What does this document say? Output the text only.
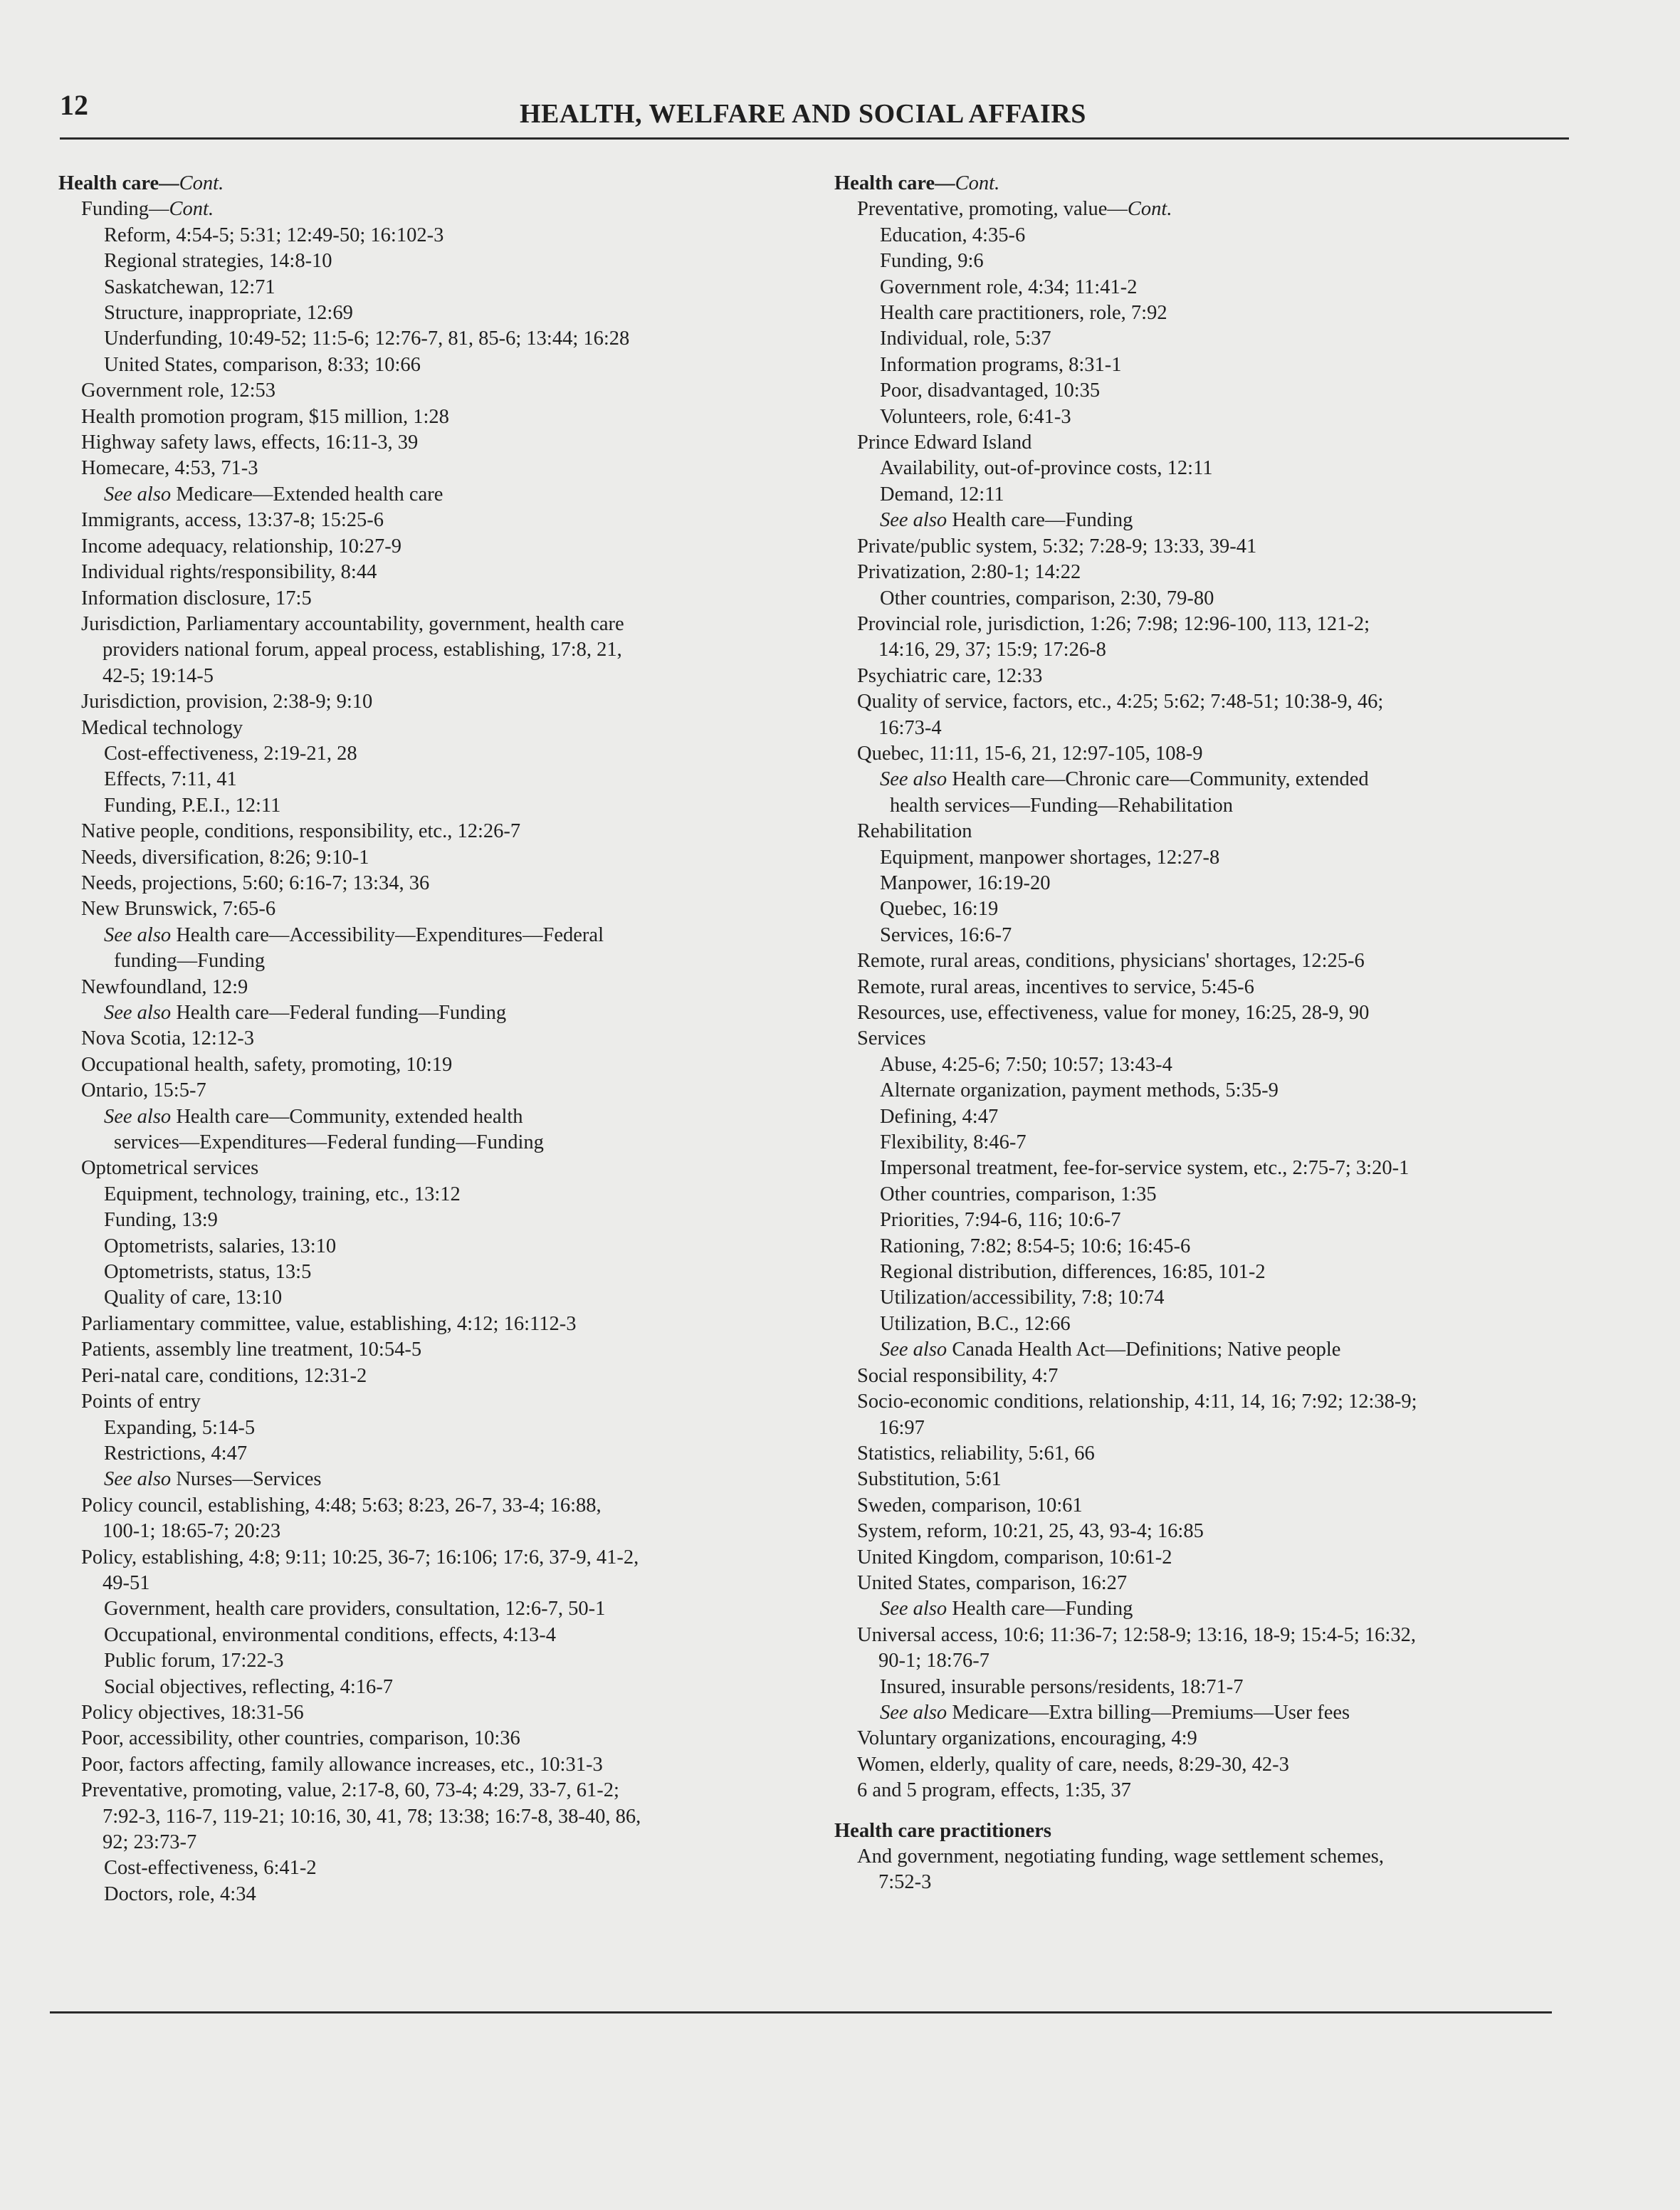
12	HEALTH, WELFARE AND SOCIAL AFFAIRS
Health care—Cont.
Funding—Cont.
Reform, 4:54-5; 5:31; 12:49-50; 16:102-3
Regional strategies, 14:8-10
Saskatchewan, 12:71
Structure, inappropriate, 12:69
Underfunding, 10:49-52; 11:5-6; 12:76-7, 81, 85-6; 13:44; 16:28
United States, comparison, 8:33; 10:66
Government role, 12:53
Health promotion program, $15 million, 1:28
Highway safety laws, effects, 16:11-3, 39
Homecare, 4:53, 71-3
See also Medicare—Extended health care
Immigrants, access, 13:37-8; 15:25-6
Income adequacy, relationship, 10:27-9
Individual rights/responsibility, 8:44
Information disclosure, 17:5
Jurisdiction, Parliamentary accountability, government, health care
providers national forum, appeal process, establishing, 17:8, 21,
42-5; 19:14-5
Jurisdiction, provision, 2:38-9; 9:10
Medical technology
Cost-effectiveness, 2:19-21, 28
Effects, 7:11, 41
Funding, P.E.I., 12:11
Native people, conditions, responsibility, etc., 12:26-7
Needs, diversification, 8:26; 9:10-1
Needs, projections, 5:60; 6:16-7; 13:34, 36
New Brunswick, 7:65-6
See also Health care—Accessibility—Expenditures—Federal
funding—Funding
Newfoundland, 12:9
See also Health care—Federal funding—Funding
Nova Scotia, 12:12-3
Occupational health, safety, promoting, 10:19
Ontario, 15:5-7
See also Health care—Community, extended health
services—Expenditures—Federal funding—Funding
Optometrical services
Equipment, technology, training, etc., 13:12
Funding, 13:9
Optometrists, salaries, 13:10
Optometrists, status, 13:5
Quality of care, 13:10
Parliamentary committee, value, establishing, 4:12; 16:112-3
Patients, assembly line treatment, 10:54-5
Peri-natal care, conditions, 12:31-2
Points of entry
Expanding, 5:14-5
Restrictions, 4:47
See also Nurses—Services
Policy council, establishing, 4:48; 5:63; 8:23, 26-7, 33-4; 16:88,
100-1; 18:65-7; 20:23
Policy, establishing, 4:8; 9:11; 10:25, 36-7; 16:106; 17:6, 37-9, 41-2,
49-51
Government, health care providers, consultation, 12:6-7, 50-1
Occupational, environmental conditions, effects, 4:13-4
Public forum, 17:22-3
Social objectives, reflecting, 4:16-7
Policy objectives, 18:31-56
Poor, accessibility, other countries, comparison, 10:36
Poor, factors affecting, family allowance increases, etc., 10:31-3
Preventative, promoting, value, 2:17-8, 60, 73-4; 4:29, 33-7, 61-2;
7:92-3, 116-7, 119-21; 10:16, 30, 41, 78; 13:38; 16:7-8, 38-40, 86,
92; 23:73-7
Cost-effectiveness, 6:41-2
Doctors, role, 4:34
Health care—Cont.
Preventative, promoting, value—Cont.
Education, 4:35-6
Funding, 9:6
Government role, 4:34; 11:41-2
Health care practitioners, role, 7:92
Individual, role, 5:37
Information programs, 8:31-1
Poor, disadvantaged, 10:35
Volunteers, role, 6:41-3
Prince Edward Island
Availability, out-of-province costs, 12:11
Demand, 12:11
See also Health care—Funding
Private/public system, 5:32; 7:28-9; 13:33, 39-41
Privatization, 2:80-1; 14:22
Other countries, comparison, 2:30, 79-80
Provincial role, jurisdiction, 1:26; 7:98; 12:96-100, 113, 121-2;
14:16, 29, 37; 15:9; 17:26-8
Psychiatric care, 12:33
Quality of service, factors, etc., 4:25; 5:62; 7:48-51; 10:38-9, 46;
16:73-4
Quebec, 11:11, 15-6, 21, 12:97-105, 108-9
See also Health care—Chronic care—Community, extended
health services—Funding—Rehabilitation
Rehabilitation
Equipment, manpower shortages, 12:27-8
Manpower, 16:19-20
Quebec, 16:19
Services, 16:6-7
Remote, rural areas, conditions, physicians' shortages, 12:25-6
Remote, rural areas, incentives to service, 5:45-6
Resources, use, effectiveness, value for money, 16:25, 28-9, 90
Services
Abuse, 4:25-6; 7:50; 10:57; 13:43-4
Alternate organization, payment methods, 5:35-9
Defining, 4:47
Flexibility, 8:46-7
Impersonal treatment, fee-for-service system, etc., 2:75-7; 3:20-1
Other countries, comparison, 1:35
Priorities, 7:94-6, 116; 10:6-7
Rationing, 7:82; 8:54-5; 10:6; 16:45-6
Regional distribution, differences, 16:85, 101-2
Utilization/accessibility, 7:8; 10:74
Utilization, B.C., 12:66
See also Canada Health Act—Definitions; Native people
Social responsibility, 4:7
Socio-economic conditions, relationship, 4:11, 14, 16; 7:92; 12:38-9;
16:97
Statistics, reliability, 5:61, 66
Substitution, 5:61
Sweden, comparison, 10:61
System, reform, 10:21, 25, 43, 93-4; 16:85
United Kingdom, comparison, 10:61-2
United States, comparison, 16:27
See also Health care—Funding
Universal access, 10:6; 11:36-7; 12:58-9; 13:16, 18-9; 15:4-5; 16:32,
90-1; 18:76-7
Insured, insurable persons/residents, 18:71-7
See also Medicare—Extra billing—Premiums—User fees
Voluntary organizations, encouraging, 4:9
Women, elderly, quality of care, needs, 8:29-30, 42-3
6 and 5 program, effects, 1:35, 37
Health care practitioners
And government, negotiating funding, wage settlement schemes,
7:52-3
